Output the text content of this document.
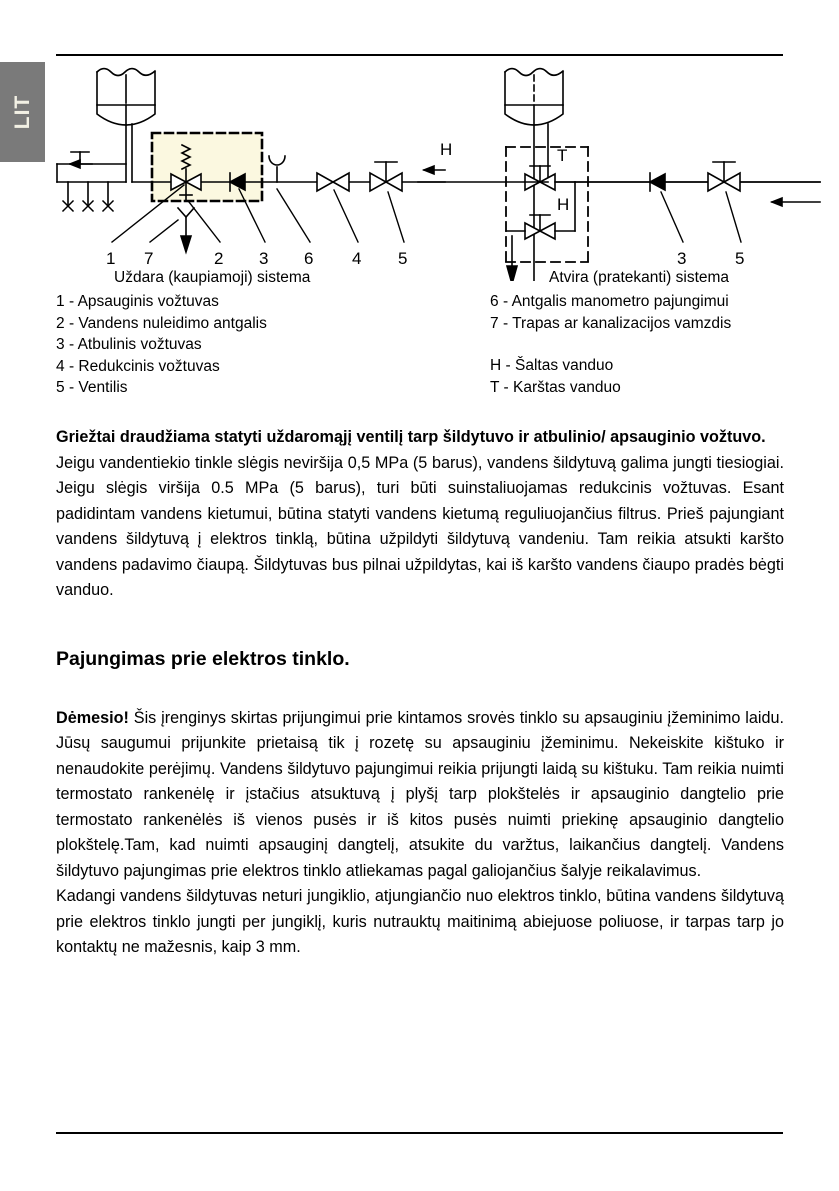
LIT
1 7	2 3 6 4 5
H
3	5
T
H
Uždara (kaupiamoji) sistema	Atvira (pratekanti) sistema
1 - Apsauginis vožtuvas
2 - Vandens nuleidimo antgalis
3 - Atbulinis vožtuvas
4 - Redukcinis vožtuvas
5 - Ventilis
6 - Antgalis manometro pajungimui
7 - Trapas ar kanalizacijos vamzdis
H - Šaltas vanduo
T - Karštas vanduo

Griežtai draudžiama statyti uždaromąjį ventilį tarp šildytuvo ir atbulinio/ apsauginio vožtuvo.

Jeigu vandentiekio tinkle slėgis neviršija 0,5 MPa (5 barus), vandens šildytuvą galima jungti tiesiogiai. Jeigu slėgis viršija 0.5 MPa (5 barus), turi būti suinstaliuojamas redukcinis vožtuvas. Esant padidintam vandens kietumui, būtina statyti vandens kietumą reguliuojančius filtrus. Prieš pajungiant vandens šildytuvą į elektros tinklą, būtina užpildyti šildytuvą vandeniu. Tam reikia atsukti karšto vandens padavimo čiaupą. Šildytuvas bus pilnai užpildytas, kai iš karšto vandens čiaupo pradės bėgti vanduo.

Pajungimas prie elektros tinklo.

Dėmesio! Šis įrenginys skirtas prijungimui prie kintamos srovės tinklo su apsauginiu įžeminimo laidu. Jūsų saugumui prijunkite prietaisą tik į rozetę su apsauginiu įžeminimu. Nekeiskite kištuko ir nenaudokite perėjimų. Vandens šildytuvo pajungimui reikia prijungti laidą su kištuku. Tam reikia nuimti termostato rankenėlę ir įstačius atsuktuvą į plyšį tarp plokštelės ir apsauginio dangtelio prie termostato rankenėlės iš vienos pusės ir iš kitos pusės nuimti priekinę apsauginio dangtelio plokštelę.Tam, kad nuimti apsauginį dangtelį, atsukite du varžtus, laikančius dangtelį. Vandens šildytuvo pajungimas prie elektros tinklo atliekamas pagal galiojančius šalyje reikalavimus.

Kadangi vandens šildytuvas neturi jungiklio, atjungiančio nuo elektros tinklo, būtina vandens šildytuvą prie elektros tinklo jungti per jungiklį, kuris nutrauktų maitinimą abiejuose poliuose, ir tarpas tarp jo kontaktų ne mažesnis, kaip 3 mm.
